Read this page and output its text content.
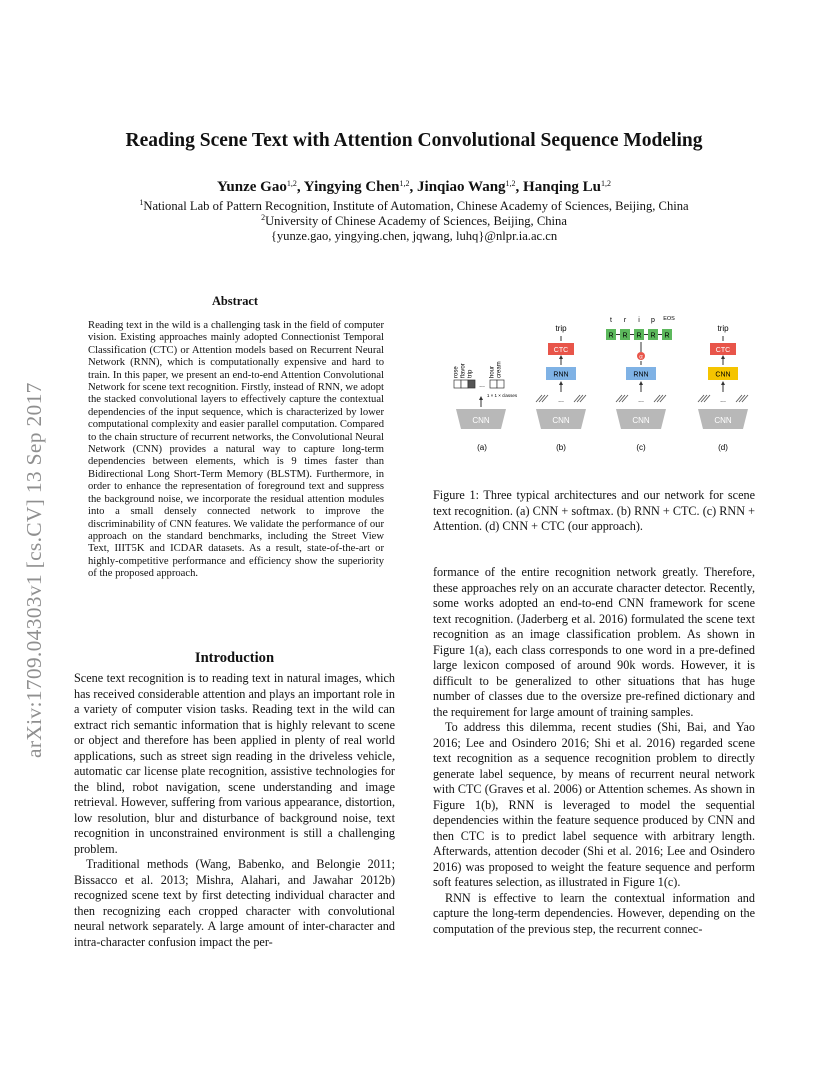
Reading Scene Text with Attention Convolutional Sequence Modeling
Yunze Gao$^{1,2}$, Yingying Chen$^{1,2}$, Jinqiao Wang$^{1,2}$, Hanqing Lu$^{1,2}$
$^1$National Lab of Pattern Recognition, Institute of Automation, Chinese Academy of Sciences, Beijing, China
$^2$University of Chinese Academy of Sciences, Beijing, China
{yunze.gao, yingying.chen, jqwang, luhq}@nlpr.ia.ac.cn
arXiv:1709.04303v1 [cs.CV] 13 Sep 2017
Abstract
Reading text in the wild is a challenging task in the field of computer vision. Existing approaches mainly adopted Connectionist Temporal Classification (CTC) or Attention models based on Recurrent Neural Network (RNN), which is computationally expensive and hard to train. In this paper, we present an end-to-end Attention Convolutional Network for scene text recognition. Firstly, instead of RNN, we adopt the stacked convolutional layers to effectively capture the contextual dependencies of the input sequence, which is characterized by lower computational complexity and easier parallel computation. Compared to the chain structure of recurrent networks, the Convolutional Neural Network (CNN) provides a natural way to capture long-term dependencies between elements, which is 9 times faster than Bidirectional Long Short-Term Memory (BLSTM). Furthermore, in order to enhance the representation of foreground text and suppress the background noise, we incorporate the residual attention modules into a small densely connected network to improve the discriminability of CNN features. We validate the performance of our approach on the standard benchmarks, including the Street View Text, IIIT5K and ICDAR datasets. As a result, state-of-the-art or highly-competitive performance and efficiency show the superiority of the proposed approach.
Introduction

Scene text recognition is to reading text in natural images, which has received considerable attention and plays an important role in a variety of computer vision tasks. Reading text in the wild can extract rich semantic information that is highly relevant to scene or object and therefore has been applied in plenty of real world applications, such as street sign reading in the driveless vehicle, automatic car license plate recognition, assistive technologies for the blind, robot navigation, scene understanding and image retrieval. However, suffering from various appearance, distortion, low resolution, blur and disturbance of background noise, text recognition in unconstrained environment is still a challenging problem.

Traditional methods (Wang, Babenko, and Belongie 2011; Bissacco et al. 2013; Mishra, Alahari, and Jawahar 2012b) recognized scene text by first detecting individual character and then recognizing each cropped character with convolutional neural network separately. A large amount of inter-character and intra-character confusion impact the per-

CNN
...
rose flavor trip	hour cream
1 × 1 × classes
(a)
CNN
...
RNN
CTC
trip
(b)
CNN
...
RNN
α
R R R R R
t r i p EOS
(c)
CNN
...
CNN
CTC
trip
(d)
Figure 1: Three typical architectures and our network for scene text recognition. (a) CNN + softmax. (b) RNN + CTC. (c) RNN + Attention. (d) CNN + CTC (our approach).

formance of the entire recognition network greatly. Therefore, these approaches rely on an accurate character detector. Recently, some works adopted an end-to-end CNN framework for scene text recognition. (Jaderberg et al. 2016) formulated the scene text recognition as an image classification problem. As shown in Figure 1(a), each class corresponds to one word in a pre-defined large lexicon composed of around 90k words. However, it is difficult to be generalized to other situations that has huge number of classes due to the oversize pre-refined dictionary and the requirement for large amount of training samples.

To address this dilemma, recent studies (Shi, Bai, and Yao 2016; Lee and Osindero 2016; Shi et al. 2016) regarded scene text recognition as a sequence recognition problem to directly generate label sequence, by means of recurrent neural network with CTC (Graves et al. 2006) or Attention schemes. As shown in Figure 1(b), RNN is leveraged to model the sequential dependencies within the feature sequence produced by CNN and then CTC is to predict label sequence with arbitrary length. Afterwards, attention decoder (Shi et al. 2016; Lee and Osindero 2016) was proposed to weight the feature sequence and perform soft features selection, as illustrated in Figure 1(c).

RNN is effective to learn the contextual information and capture the long-term dependencies. However, depending on the computation of the previous step, the recurrent connec-
